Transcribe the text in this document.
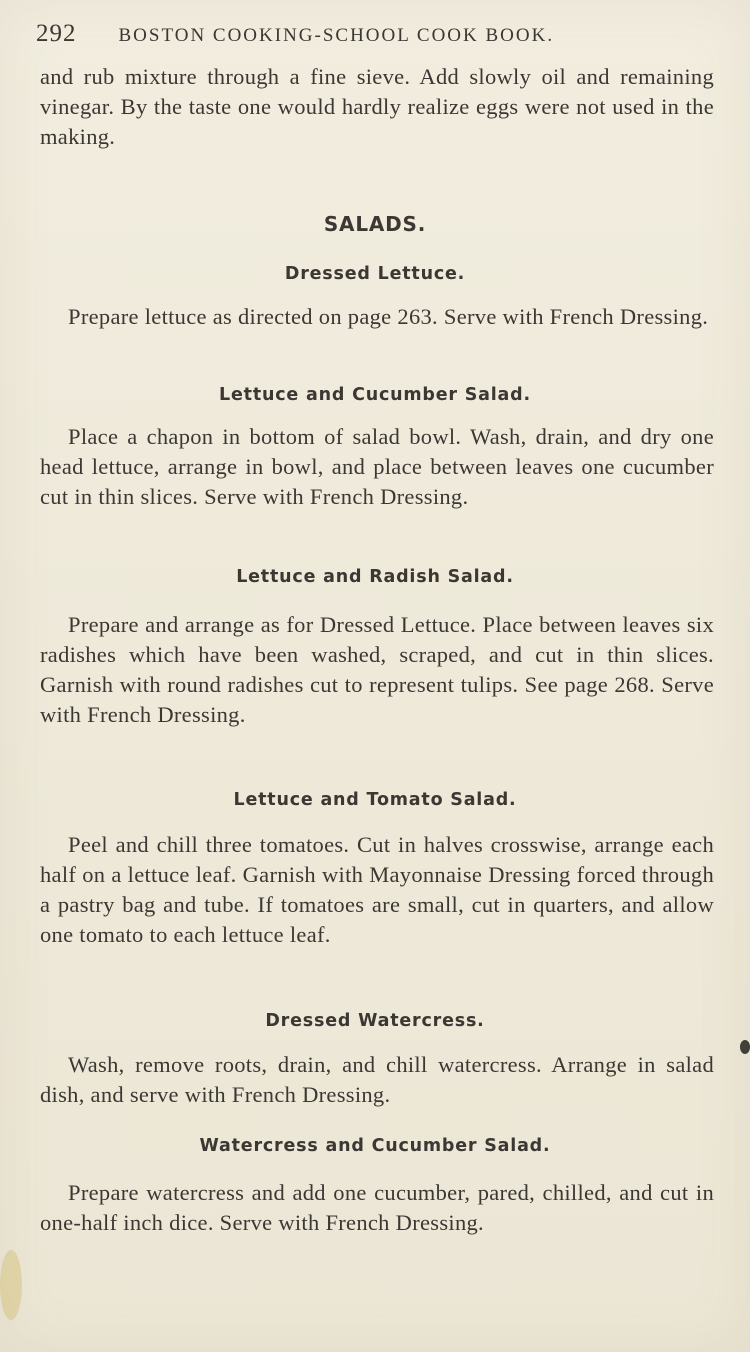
292 BOSTON COOKING-SCHOOL COOK BOOK.

and rub mixture through a fine sieve. Add slowly oil and remaining vinegar. By the taste one would hardly realize eggs were not used in the making.

SALADS.
Dressed Lettuce.

Prepare lettuce as directed on page 263. Serve with French Dressing.

Lettuce and Cucumber Salad.

Place a chapon in bottom of salad bowl. Wash, drain, and dry one head lettuce, arrange in bowl, and place between leaves one cucumber cut in thin slices. Serve with French Dressing.

Lettuce and Radish Salad.

Prepare and arrange as for Dressed Lettuce. Place between leaves six radishes which have been washed, scraped, and cut in thin slices. Garnish with round radishes cut to represent tulips. See page 268. Serve with French Dressing.

Lettuce and Tomato Salad.

Peel and chill three tomatoes. Cut in halves crosswise, arrange each half on a lettuce leaf. Garnish with Mayonnaise Dressing forced through a pastry bag and tube. If tomatoes are small, cut in quarters, and allow one tomato to each lettuce leaf.

Dressed Watercress.

Wash, remove roots, drain, and chill watercress. Arrange in salad dish, and serve with French Dressing.

Watercress and Cucumber Salad.

Prepare watercress and add one cucumber, pared, chilled, and cut in one-half inch dice. Serve with French Dressing.
